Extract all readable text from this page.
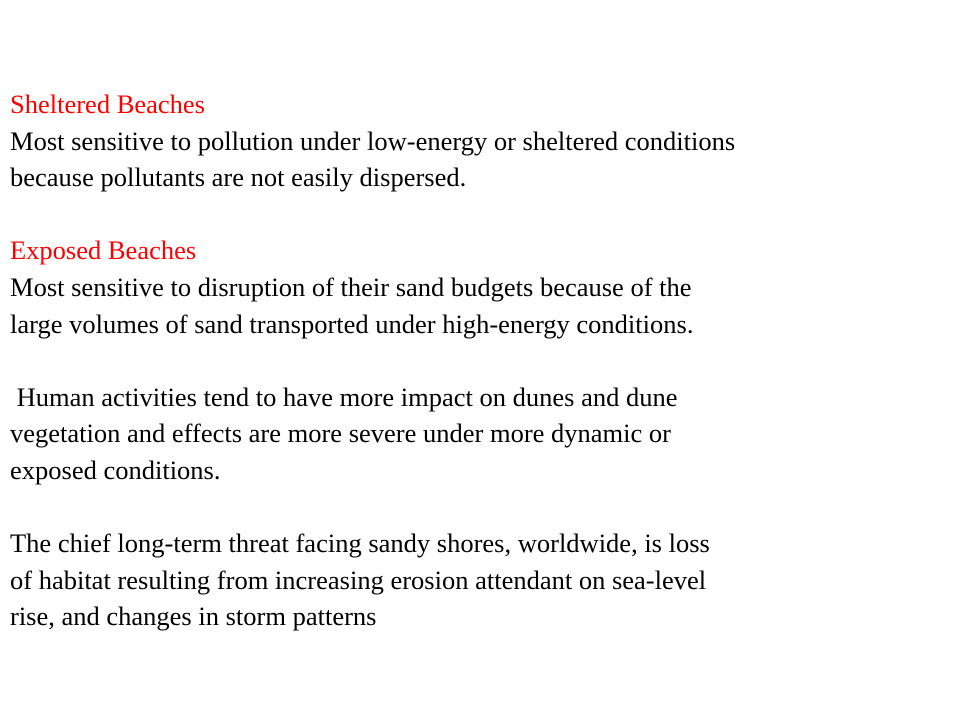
Sheltered Beaches
Most sensitive to pollution under low-energy or sheltered conditions
because pollutants are not easily dispersed.
Exposed Beaches
Most sensitive to disruption of their sand budgets because of the
large volumes of sand transported under high-energy conditions.
Human activities tend to have more impact on dunes and dune
vegetation and effects are more severe under more dynamic or
exposed conditions.
The chief long-term threat facing sandy shores, worldwide, is loss
of habitat resulting from increasing erosion attendant on sea-level
rise, and changes in storm patterns
